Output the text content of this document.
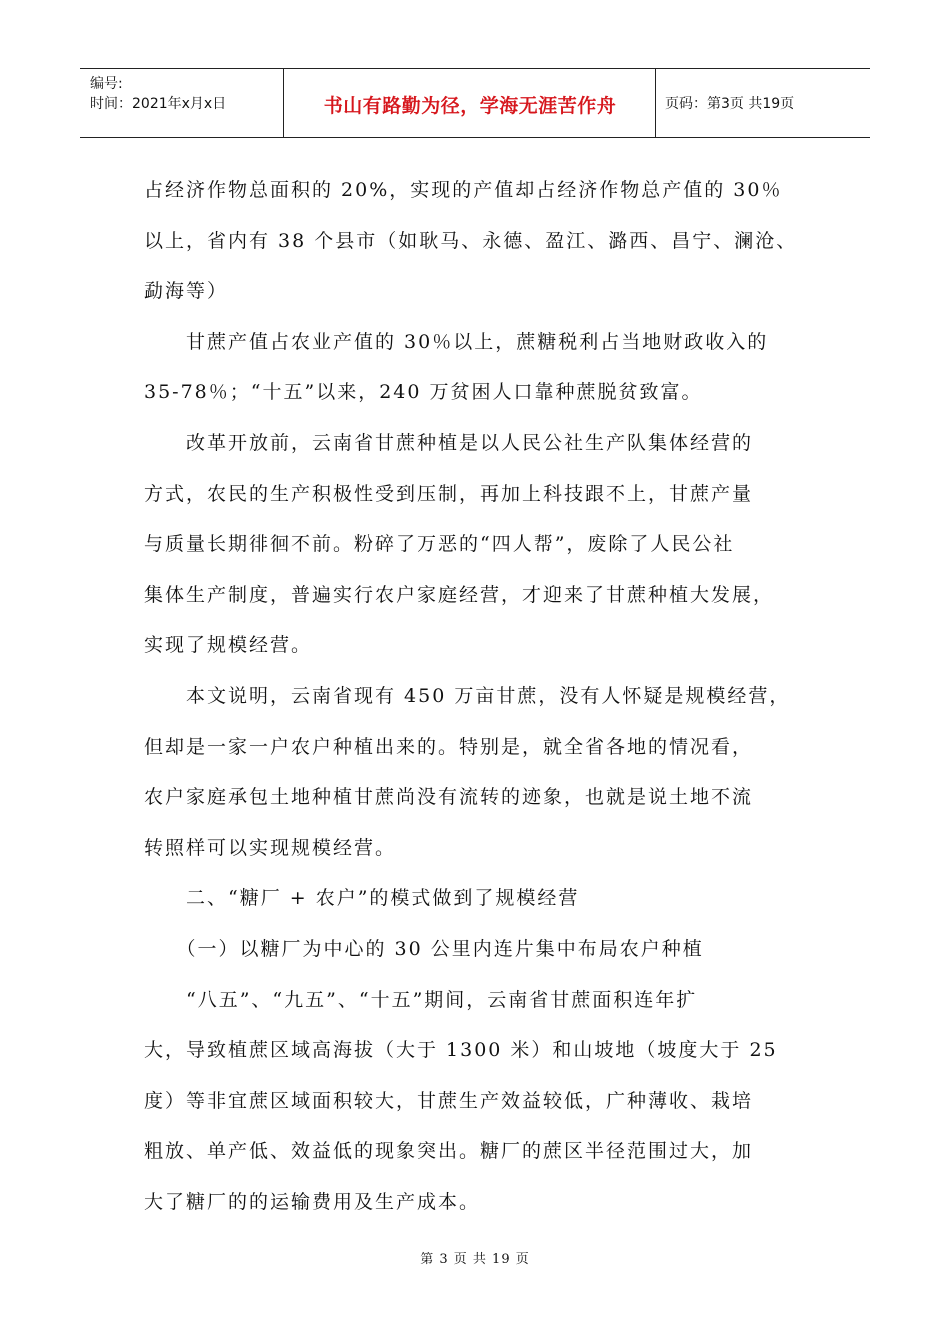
编号:
时间：2021年x月x日	书山有路勤为径，学海无涯苦作舟	页码：第3页 共19页

占经济作物总面积的 20%，实现的产值却占经济作物总产值的 30％
以上，省内有 38 个县市（如耿马、永德、盈江、潞西、昌宁、澜沧、
勐海等）
　　甘蔗产值占农业产值的 30％以上，蔗糖税利占当地财政收入的
35-78％；“十五”以来，240 万贫困人口靠种蔗脱贫致富。
　　改革开放前，云南省甘蔗种植是以人民公社生产队集体经营的
方式，农民的生产积极性受到压制，再加上科技跟不上，甘蔗产量
与质量长期徘徊不前。粉碎了万恶的“四人帮”，废除了人民公社
集体生产制度，普遍实行农户家庭经营，才迎来了甘蔗种植大发展，
实现了规模经营。
　　本文说明，云南省现有 450 万亩甘蔗，没有人怀疑是规模经营，
但却是一家一户农户种植出来的。特别是，就全省各地的情况看，
农户家庭承包土地种植甘蔗尚没有流转的迹象，也就是说土地不流
转照样可以实现规模经营。
　　二、“糖厂 + 农户”的模式做到了规模经营
　　（一）以糖厂为中心的 30 公里内连片集中布局农户种植
　　“八五”、“九五”、“十五”期间，云南省甘蔗面积连年扩
大，导致植蔗区域高海拔（大于 1300 米）和山坡地（坡度大于 25
度）等非宜蔗区域面积较大，甘蔗生产效益较低，广种薄收、栽培
粗放、单产低、效益低的现象突出。糖厂的蔗区半径范围过大，加
大了糖厂的的运输费用及生产成本。

第 3 页 共 19 页
